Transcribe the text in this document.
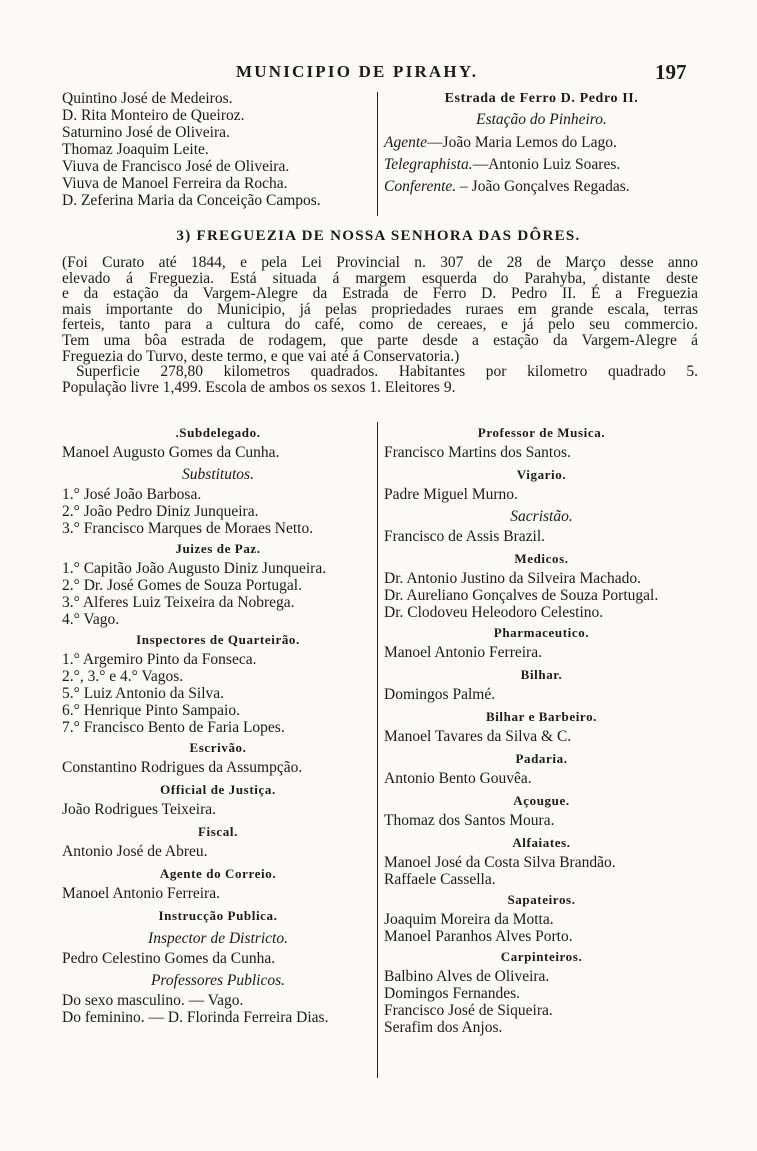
MUNICIPIO DE PIRAHY.	197
Quintino José de Medeiros.
D. Rita Monteiro de Queiroz.
Saturnino José de Oliveira.
Thomaz Joaquim Leite.
Viuva de Francisco José de Oliveira.
Viuva de Manoel Ferreira da Rocha.
D. Zeferina Maria da Conceição Campos.
Estrada de Ferro D. Pedro II.
Estação do Pinheiro.
Agente—João Maria Lemos do Lago.
Telegraphista.—Antonio Luiz Soares.
Conferente. – João Gonçalves Regadas.
3) FREGUEZIA DE NOSSA SENHORA DAS DÔRES.
(Foi Curato até 1844, e pela Lei Provincial n. 307 de 28 de Março desse anno
elevado á Freguezia. Está situada á margem esquerda do Parahyba, distante deste
e da estação da Vargem-Alegre da Estrada de Ferro D. Pedro II. É a Freguezia
mais importante do Municipio, já pelas propriedades ruraes em grande escala, terras
ferteis, tanto para a cultura do café, como de cereaes, e já pelo seu commercio.
Tem uma bôa estrada de rodagem, que parte desde a estação da Vargem-Alegre á
Freguezia do Turvo, deste termo, e que vai até á Conservatoria.)
Superficie 278,80 kilometros quadrados. Habitantes por kilometro quadrado 5.
População livre 1,499. Escola de ambos os sexos 1. Eleitores 9.
.Subdelegado.
Manoel Augusto Gomes da Cunha.
Substitutos.
1.° José João Barbosa.
2.° João Pedro Diniz Junqueira.
3.° Francisco Marques de Moraes Netto.
Juizes de Paz.
1.° Capitão João Augusto Diniz Junqueira.
2.° Dr. José Gomes de Souza Portugal.
3.° Alferes Luiz Teixeira da Nobrega.
4.° Vago.
Inspectores de Quarteirão.
1.° Argemiro Pinto da Fonseca.
2.°, 3.° e 4.° Vagos.
5.° Luiz Antonio da Silva.
6.° Henrique Pinto Sampaio.
7.° Francisco Bento de Faria Lopes.
Escrivão.
Constantino Rodrigues da Assumpção.
Official de Justiça.
João Rodrigues Teixeira.
Fiscal.
Antonio José de Abreu.
Agente do Correio.
Manoel Antonio Ferreira.
Instrucção Publica.
Inspector de Districto.
Pedro Celestino Gomes da Cunha.
Professores Publicos.
Do sexo masculino. — Vago.
Do feminino. — D. Florinda Ferreira Dias.
Professor de Musica.
Francisco Martins dos Santos.
Vigario.
Padre Miguel Murno.
Sacristão.
Francisco de Assis Brazil.
Medicos.
Dr. Antonio Justino da Silveira Machado.
Dr. Aureliano Gonçalves de Souza Portugal.
Dr. Clodoveu Heleodoro Celestino.
Pharmaceutico.
Manoel Antonio Ferreira.
Bilhar.
Domingos Palmé.
Bilhar e Barbeiro.
Manoel Tavares da Silva & C.
Padaria.
Antonio Bento Gouvêa.
Açougue.
Thomaz dos Santos Moura.
Alfaiates.
Manoel José da Costa Silva Brandão.
Raffaele Cassella.
Sapateiros.
Joaquim Moreira da Motta.
Manoel Paranhos Alves Porto.
Carpinteiros.
Balbino Alves de Oliveira.
Domingos Fernandes.
Francisco José de Siqueira.
Serafim dos Anjos.
